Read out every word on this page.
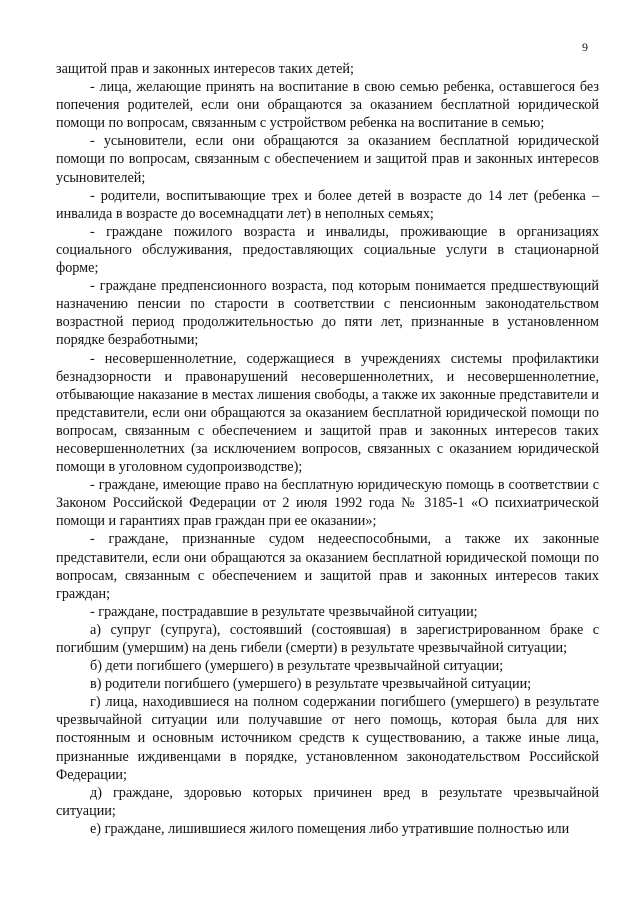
9

защитой прав и законных интересов таких детей;

- лица, желающие принять на воспитание в свою семью ребенка, оставшегося без попечения родителей, если они обращаются за оказанием бесплатной юридической помощи по вопросам, связанным с устройством ребенка на воспитание в семью;

- усыновители, если они обращаются за оказанием бесплатной юридической помощи по вопросам, связанным с обеспечением и защитой прав и законных интересов усыновителей;

- родители, воспитывающие трех и более детей в возрасте до 14 лет (ребенка – инвалида в возрасте до восемнадцати лет) в неполных семьях;

- граждане пожилого возраста и инвалиды, проживающие в организациях социального обслуживания, предоставляющих социальные услуги в стационарной форме;

- граждане предпенсионного возраста, под которым понимается предшествующий назначению пенсии по старости в соответствии с пенсионным законодательством возрастной период продолжительностью до пяти лет, признанные в установленном порядке безработными;

- несовершеннолетние, содержащиеся в учреждениях системы профилактики безнадзорности и правонарушений несовершеннолетних, и несовершеннолетние, отбывающие наказание в местах лишения свободы, а также их законные представители и представители, если они обращаются за оказанием бесплатной юридической помощи по вопросам, связанным с обеспечением и защитой прав и законных интересов таких несовершеннолетних (за исключением вопросов, связанных с оказанием юридической помощи в уголовном судопроизводстве);

- граждане, имеющие право на бесплатную юридическую помощь в соответствии с Законом Российской Федерации от 2 июля 1992 года № 3185-1 «О психиатрической помощи и гарантиях прав граждан при ее оказании»;

- граждане, признанные судом недееспособными, а также их законные представители, если они обращаются за оказанием бесплатной юридической помощи по вопросам, связанным с обеспечением и защитой прав и законных интересов таких граждан;

- граждане, пострадавшие в результате чрезвычайной ситуации;

а) супруг (супруга), состоявший (состоявшая) в зарегистрированном браке с погибшим (умершим) на день гибели (смерти) в результате чрезвычайной ситуации;

б) дети погибшего (умершего) в результате чрезвычайной ситуации;

в) родители погибшего (умершего) в результате чрезвычайной ситуации;

г) лица, находившиеся на полном содержании погибшего (умершего) в результате чрезвычайной ситуации или получавшие от него помощь, которая была для них постоянным и основным источником средств к существованию, а также иные лица, признанные иждивенцами в порядке, установленном законодательством Российской Федерации;

д) граждане, здоровью которых причинен вред в результате чрезвычайной ситуации;

е) граждане, лишившиеся жилого помещения либо утратившие полностью или
